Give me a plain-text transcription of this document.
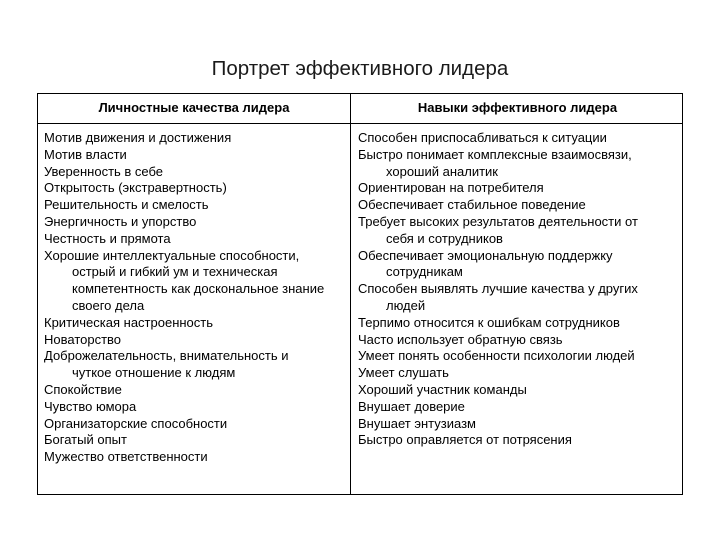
Портрет эффективного лидера
Личностные качества лидера	Навыки эффективного лидера
Мотив движения и достижения
Мотив власти
Уверенность в себе
Открытость (экстравертность)
Решительность и смелость
Энергичность и упорство
Честность и прямота
Хорошие интеллектуальные способности,
острый и гибкий ум и техническая
компетентность как доскональное знание
своего дела
Критическая настроенность
Новаторство
Доброжелательность, внимательность и
чуткое отношение к людям
Спокойствие
Чувство юмора
Организаторские способности
Богатый опыт
Мужество ответственности
Способен приспосабливаться к ситуации
Быстро понимает комплексные взаимосвязи,
хороший аналитик
Ориентирован на потребителя
Обеспечивает стабильное поведение
Требует высоких результатов деятельности от
себя и сотрудников
Обеспечивает эмоциональную поддержку
сотрудникам
Способен выявлять лучшие качества у других
людей
Терпимо относится к ошибкам сотрудников
Часто использует обратную связь
Умеет понять особенности психологии людей
Умеет слушать
Хороший участник команды
Внушает доверие
Внушает энтузиазм
Быстро оправляется от потрясения
